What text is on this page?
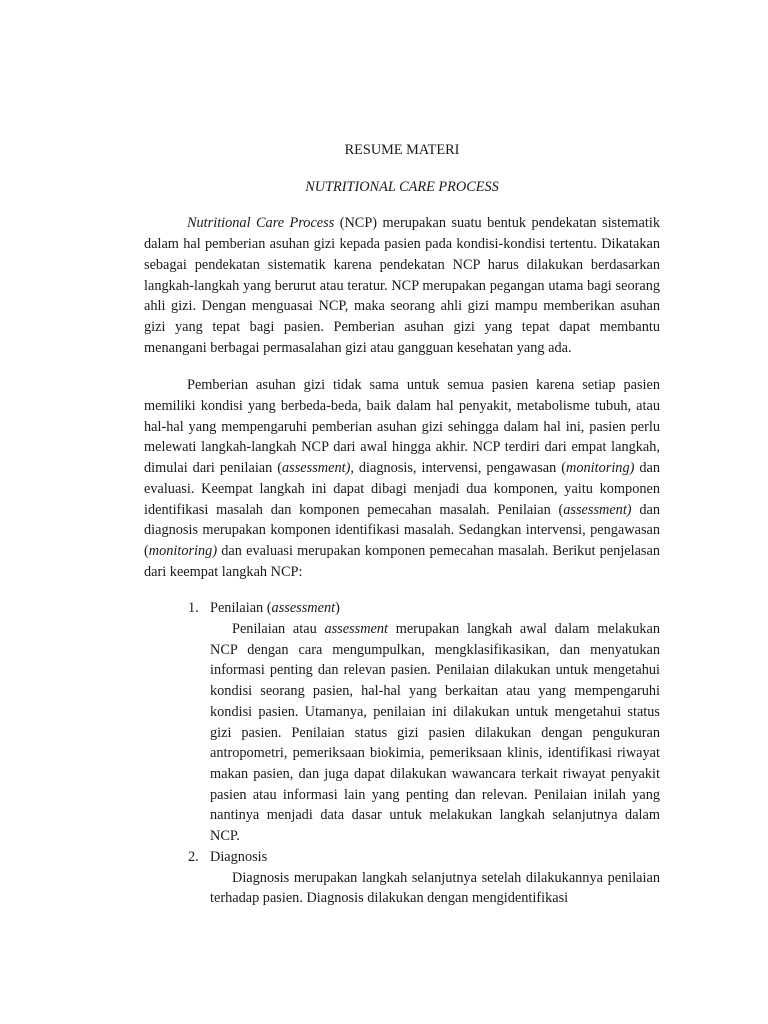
RESUME MATERI

NUTRITIONAL CARE PROCESS

Nutritional Care Process (NCP) merupakan suatu bentuk pendekatan sistematik dalam hal pemberian asuhan gizi kepada pasien pada kondisi-kondisi tertentu. Dikatakan sebagai pendekatan sistematik karena pendekatan NCP harus dilakukan berdasarkan langkah-langkah yang berurut atau teratur. NCP merupakan pegangan utama bagi seorang ahli gizi. Dengan menguasai NCP, maka seorang ahli gizi mampu memberikan asuhan gizi yang tepat bagi pasien. Pemberian asuhan gizi yang tepat dapat membantu menangani berbagai permasalahan gizi atau gangguan kesehatan yang ada.

Pemberian asuhan gizi tidak sama untuk semua pasien karena setiap pasien memiliki kondisi yang berbeda-beda, baik dalam hal penyakit, metabolisme tubuh, atau hal-hal yang mempengaruhi pemberian asuhan gizi sehingga dalam hal ini, pasien perlu melewati langkah-langkah NCP dari awal hingga akhir. NCP terdiri dari empat langkah, dimulai dari penilaian (assessment), diagnosis, intervensi, pengawasan (monitoring) dan evaluasi. Keempat langkah ini dapat dibagi menjadi dua komponen, yaitu komponen identifikasi masalah dan komponen pemecahan masalah. Penilaian (assessment) dan diagnosis merupakan komponen identifikasi masalah. Sedangkan intervensi, pengawasan (monitoring) dan evaluasi merupakan komponen pemecahan masalah. Berikut penjelasan dari keempat langkah NCP:

1. Penilaian (assessment)

Penilaian atau assessment merupakan langkah awal dalam melakukan NCP dengan cara mengumpulkan, mengklasifikasikan, dan menyatukan informasi penting dan relevan pasien. Penilaian dilakukan untuk mengetahui kondisi seorang pasien, hal-hal yang berkaitan atau yang mempengaruhi kondisi pasien. Utamanya, penilaian ini dilakukan untuk mengetahui status gizi pasien. Penilaian status gizi pasien dilakukan dengan pengukuran antropometri, pemeriksaan biokimia, pemeriksaan klinis, identifikasi riwayat makan pasien, dan juga dapat dilakukan wawancara terkait riwayat penyakit pasien atau informasi lain yang penting dan relevan. Penilaian inilah yang nantinya menjadi data dasar untuk melakukan langkah selanjutnya dalam NCP.

2. Diagnosis

Diagnosis merupakan langkah selanjutnya setelah dilakukannya penilaian terhadap pasien. Diagnosis dilakukan dengan mengidentifikasi
